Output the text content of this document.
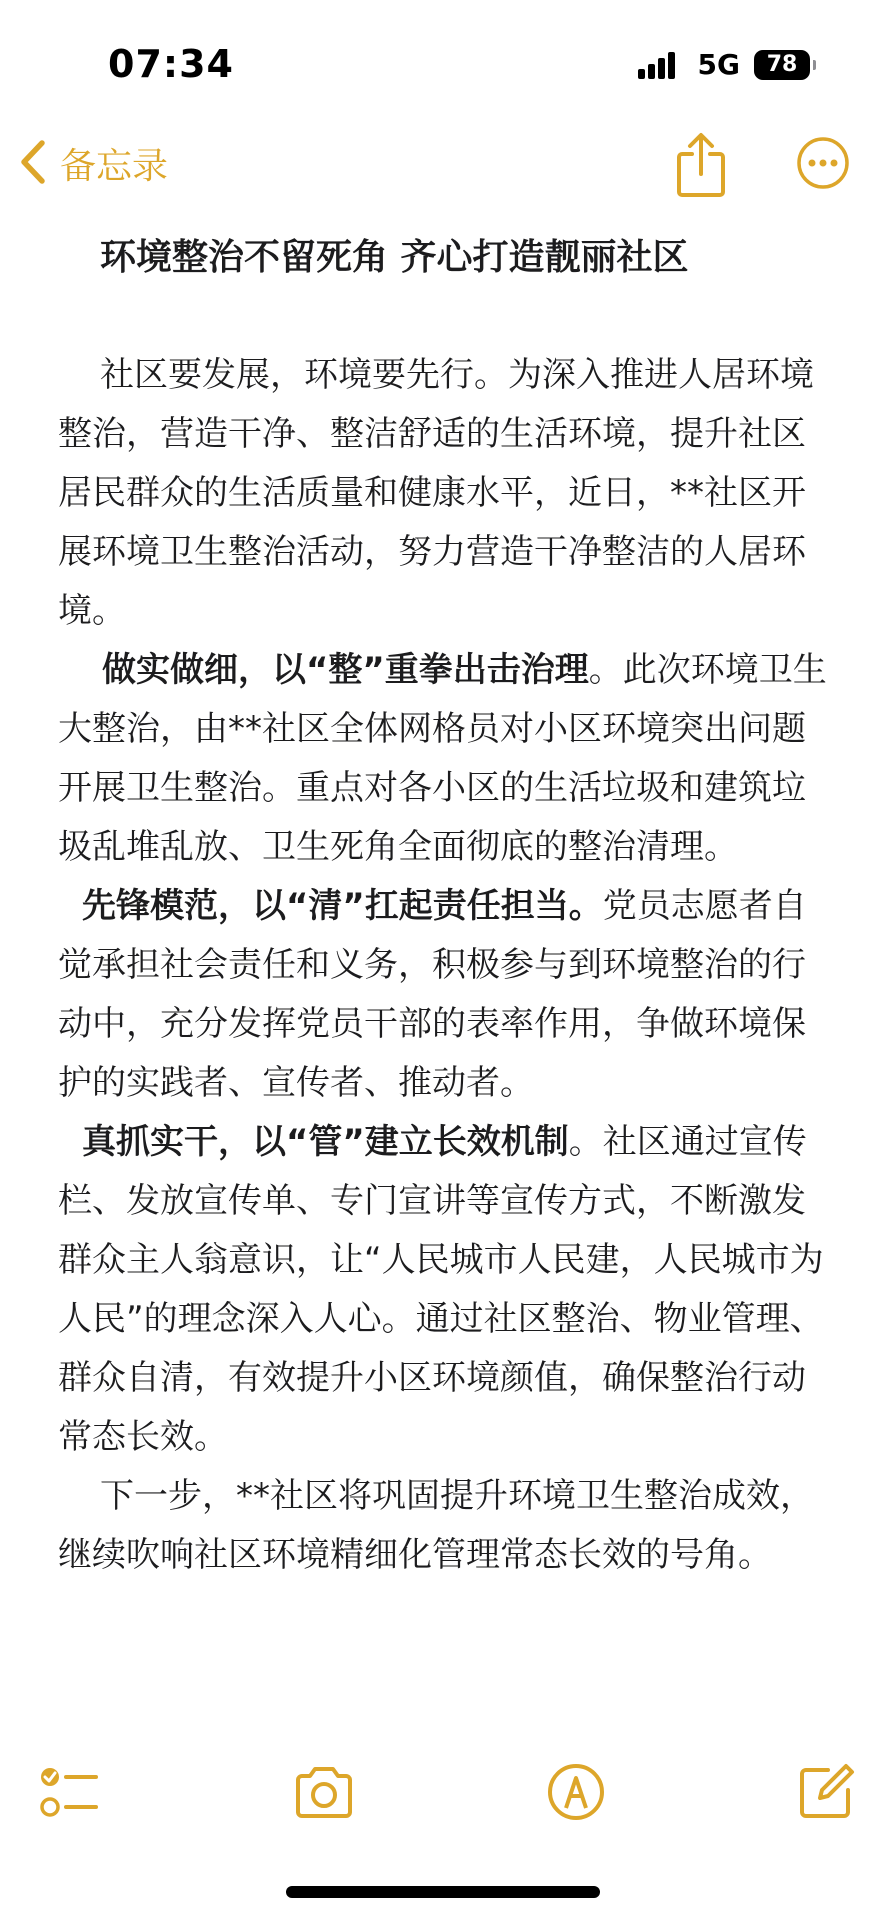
07:34	5G 78
备忘录

环境整治不留死角 齐心打造靓丽社区

社区要发展，环境要先行。为深入推进人居环境整治，营造干净、整洁舒适的生活环境，提升社区居民群众的生活质量和健康水平，近日，**社区开展环境卫生整治活动，努力营造干净整洁的人居环境。

做实做细，以“整”重拳出击治理。此次环境卫生大整治，由**社区全体网格员对小区环境突出问题开展卫生整治。重点对各小区的生活垃圾和建筑垃圾乱堆乱放、卫生死角全面彻底的整治清理。

先锋模范，以“清”扛起责任担当。党员志愿者自觉承担社会责任和义务，积极参与到环境整治的行动中，充分发挥党员干部的表率作用，争做环境保护的实践者、宣传者、推动者。

真抓实干，以“管”建立长效机制。社区通过宣传栏、发放宣传单、专门宣讲等宣传方式，不断激发群众主人翁意识，让“人民城市人民建，人民城市为人民”的理念深入人心。通过社区整治、物业管理、群众自清，有效提升小区环境颜值，确保整治行动常态长效。

下一步，**社区将巩固提升环境卫生整治成效，继续吹响社区环境精细化管理常态长效的号角。
